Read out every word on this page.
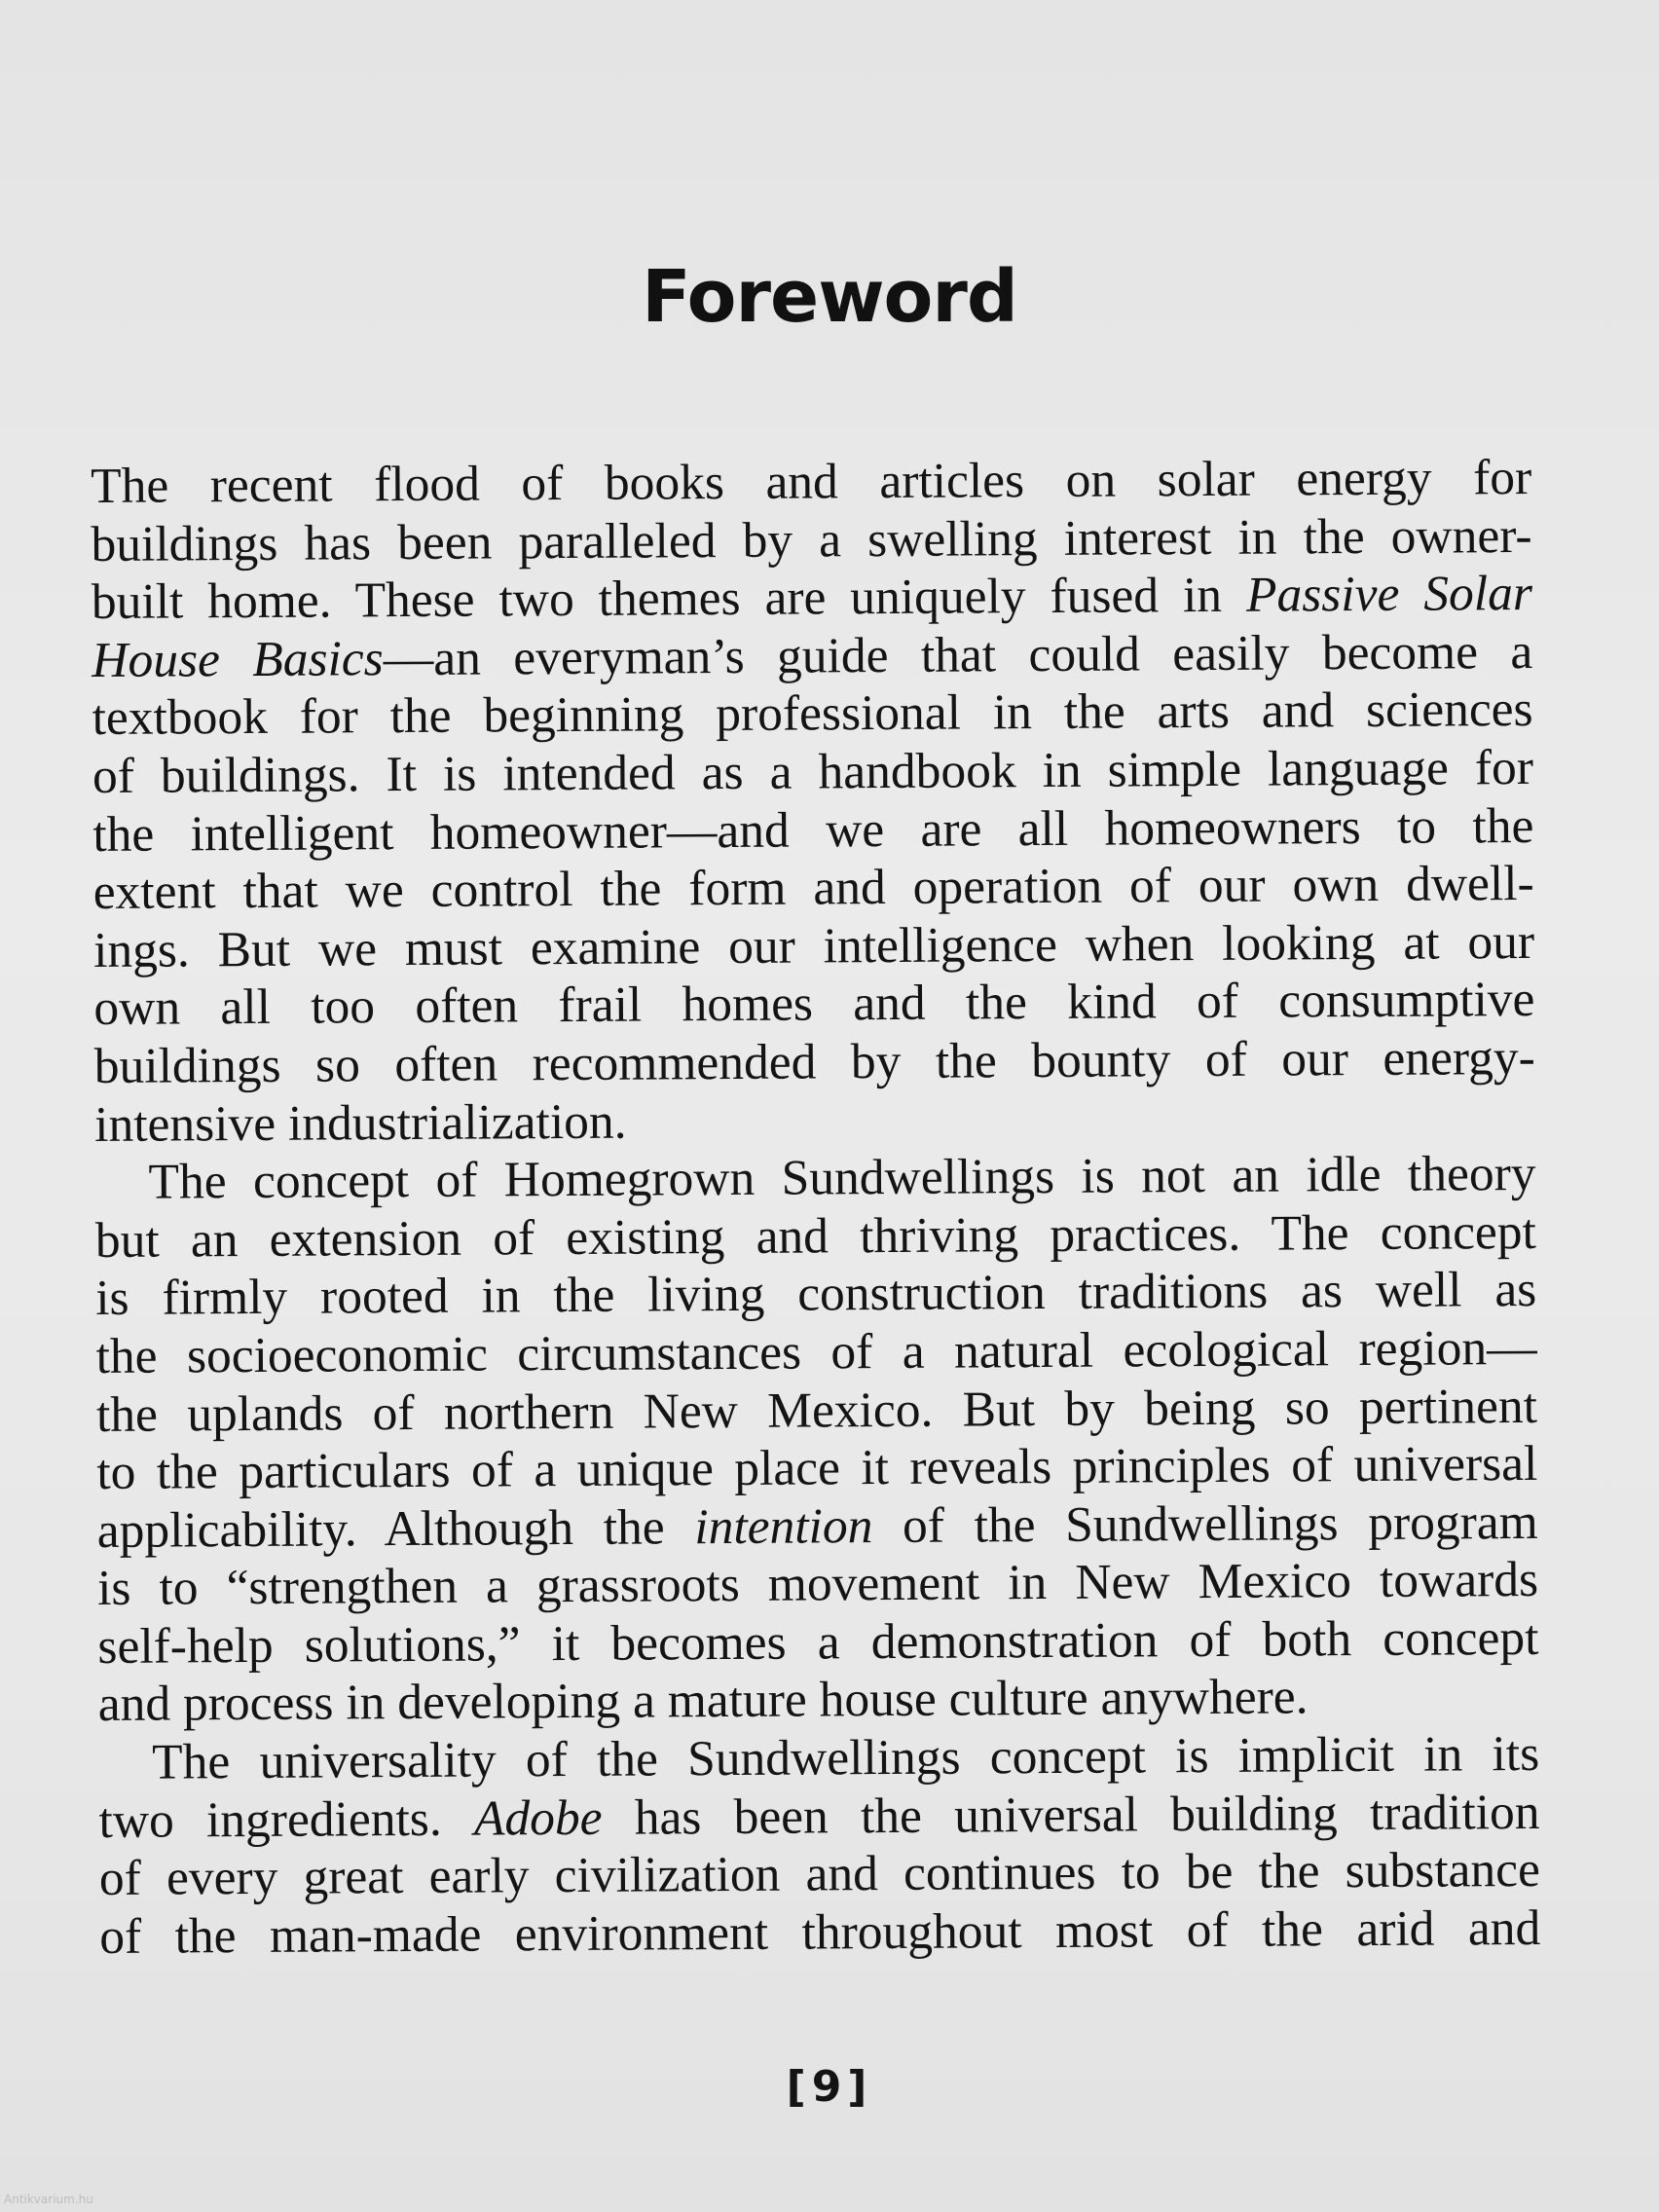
Foreword

The recent flood of books and articles on solar energy for
buildings has been paralleled by a swelling interest in the owner-
built home. These two themes are uniquely fused in Passive Solar
House Basics—an everyman’s guide that could easily become a
textbook for the beginning professional in the arts and sciences
of buildings. It is intended as a handbook in simple language for
the intelligent homeowner—and we are all homeowners to the
extent that we control the form and operation of our own dwell-
ings. But we must examine our intelligence when looking at our
own all too often frail homes and the kind of consumptive
buildings so often recommended by the bounty of our energy-
intensive industrialization.

The concept of Homegrown Sundwellings is not an idle theory
but an extension of existing and thriving practices. The concept
is firmly rooted in the living construction traditions as well as
the socioeconomic circumstances of a natural ecological region—
the uplands of northern New Mexico. But by being so pertinent
to the particulars of a unique place it reveals principles of universal
applicability. Although the intention of the Sundwellings program
is to “strengthen a grassroots movement in New Mexico towards
self-help solutions,” it becomes a demonstration of both concept
and process in developing a mature house culture anywhere.

The universality of the Sundwellings concept is implicit in its
two ingredients. Adobe has been the universal building tradition
of every great early civilization and continues to be the substance
of the man-made environment throughout most of the arid and

[9]
Antikvarium.hu
